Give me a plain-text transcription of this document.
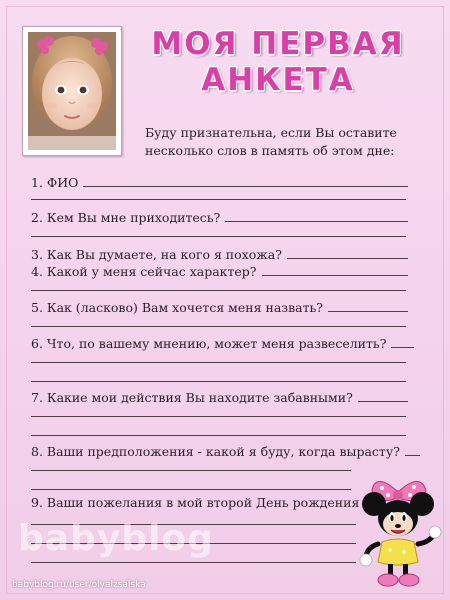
МОЯ ПЕРВАЯ
АНКЕТА
Буду признательна, если Вы оставите
несколько слов в память об этом дне:
1. ФИО
2. Кем Вы мне приходитесь?
3. Как Вы думаете, на кого я похожа?
4. Какой у меня сейчас характер?
5. Как (ласково) Вам хочется меня назвать?
6. Что, по вашему мнению, может меня развеселить?
7. Какие мои действия Вы находите забавными?
8. Ваши предположения - какой я буду, когда вырасту?
9. Ваши пожелания в мой второй День рождения
babyblog
babyblog.ru/user/olyalzsalska
